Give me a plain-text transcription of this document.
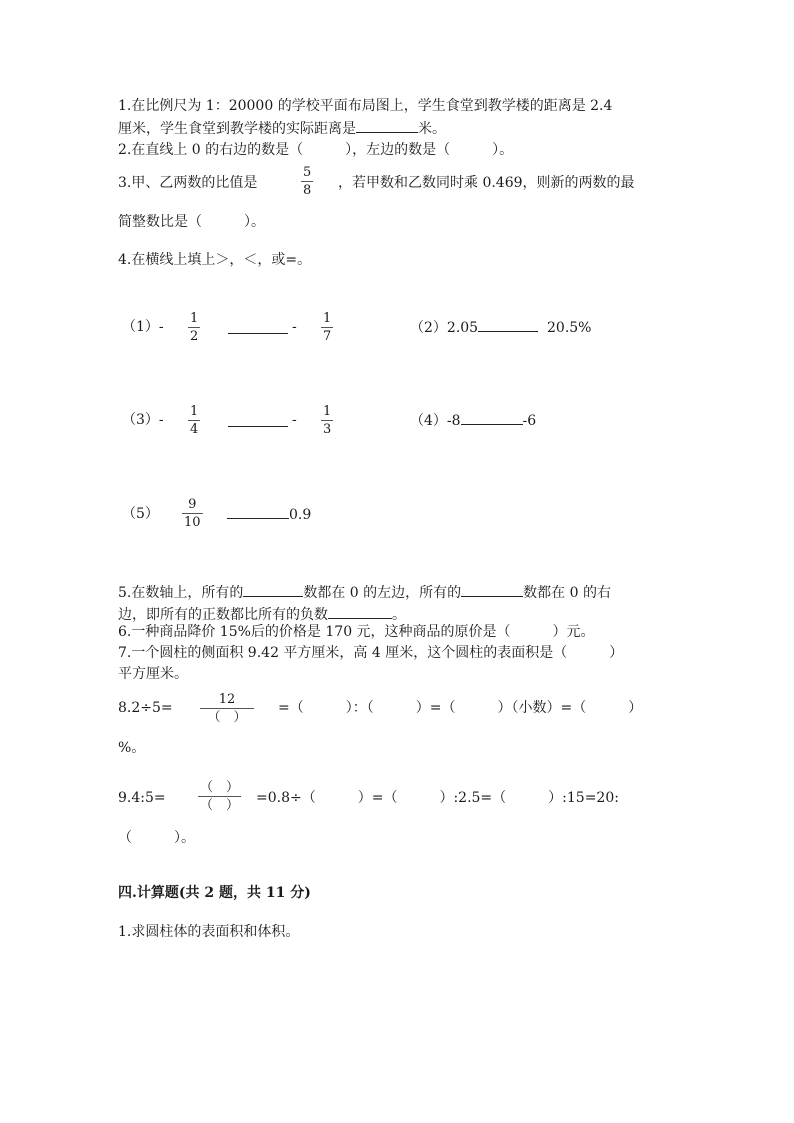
1.在比例尺为 1：20000 的学校平面布局图上，学生食堂到教学楼的距离是 2.4
厘米，学生食堂到教学楼的实际距离是	米。
2.在直线上 0 的右边的数是（　　　），左边的数是（　　　）。
3.甲、乙两数的比值是
5
8 ，若甲数和乙数同时乘 0.469，则新的两数的最
简整数比是（　　　）。
4.在横线上填上＞，＜，或=。
（1）-
1
2
-
1
7
（2）2.05	20.5%
（3）-
1
4
-
1
3
（4）-8	-6
（5）
9
10	0.9
5.在数轴上，所有的	数都在 0 的左边，所有的	数都在 0 的右
边，即所有的正数都比所有的负数	。
6.一种商品降价 15%后的价格是 170 元，这种商品的原价是（　　　）元。
7.一个圆柱的侧面积 9.42 平方厘米，高 4 厘米，这个圆柱的表面积是（　　　）
平方厘米。
8.2÷5=
12
（　）
=（　　　）：（　　　）=（　　　）（小数）=（　　　）
%。
9.4:5=
（　）
（　） =0.8÷（　　　）=（　　　）:2.5=（　　　）:15=20:
（　　　）。
四.计算题(共 2 题，共 11 分)
1.求圆柱体的表面积和体积。
